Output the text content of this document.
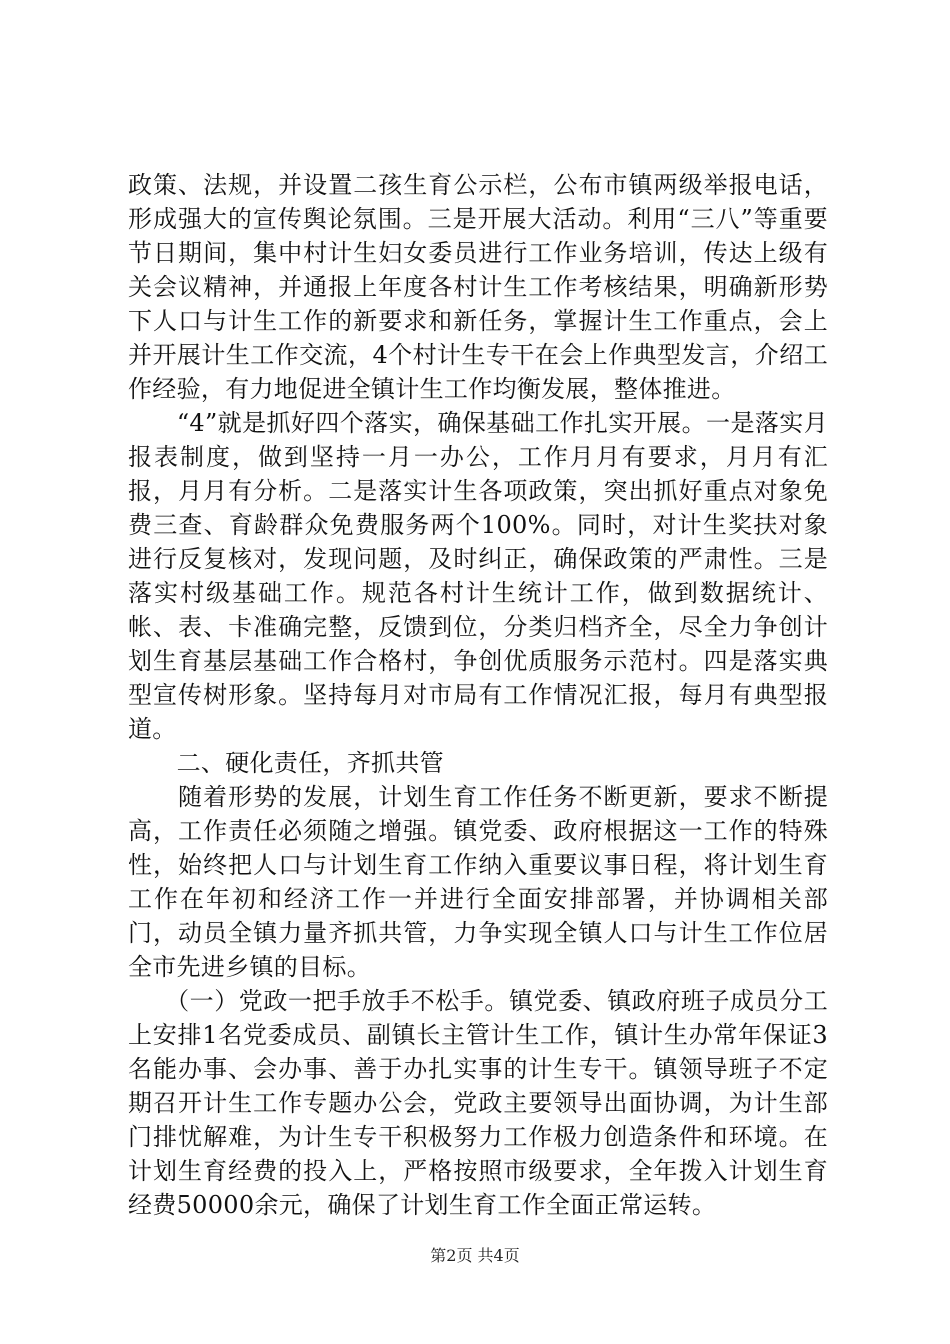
政策、法规，并设置二孩生育公示栏，公布市镇两级举报电话，形成强大的宣传舆论氛围。三是开展大活动。利用“三八”等重要节日期间，集中村计生妇女委员进行工作业务培训，传达上级有关会议精神，并通报上年度各村计生工作考核结果，明确新形势下人口与计生工作的新要求和新任务，掌握计生工作重点，会上并开展计生工作交流，4个村计生专干在会上作典型发言，介绍工作经验，有力地促进全镇计生工作均衡发展，整体推进。

　　“4”就是抓好四个落实，确保基础工作扎实开展。一是落实月报表制度，做到坚持一月一办公，工作月月有要求，月月有汇报，月月有分析。二是落实计生各项政策，突出抓好重点对象免费三查、育龄群众免费服务两个100%。同时，对计生奖扶对象进行反复核对，发现问题，及时纠正，确保政策的严肃性。三是落实村级基础工作。规范各村计生统计工作，做到数据统计、帐、表、卡准确完整，反馈到位，分类归档齐全，尽全力争创计划生育基层基础工作合格村，争创优质服务示范村。四是落实典型宣传树形象。坚持每月对市局有工作情况汇报，每月有典型报道。

　　二、硬化责任，齐抓共管

　　随着形势的发展，计划生育工作任务不断更新，要求不断提高，工作责任必须随之增强。镇党委、政府根据这一工作的特殊性，始终把人口与计划生育工作纳入重要议事日程，将计划生育工作在年初和经济工作一并进行全面安排部署，并协调相关部门，动员全镇力量齐抓共管，力争实现全镇人口与计生工作位居全市先进乡镇的目标。

　　（一）党政一把手放手不松手。镇党委、镇政府班子成员分工上安排1名党委成员、副镇长主管计生工作，镇计生办常年保证3名能办事、会办事、善于办扎实事的计生专干。镇领导班子不定期召开计生工作专题办公会，党政主要领导出面协调，为计生部门排忧解难，为计生专干积极努力工作极力创造条件和环境。在计划生育经费的投入上，严格按照市级要求，全年拨入计划生育经费50000余元，确保了计划生育工作全面正常运转。

第2页 共4页
